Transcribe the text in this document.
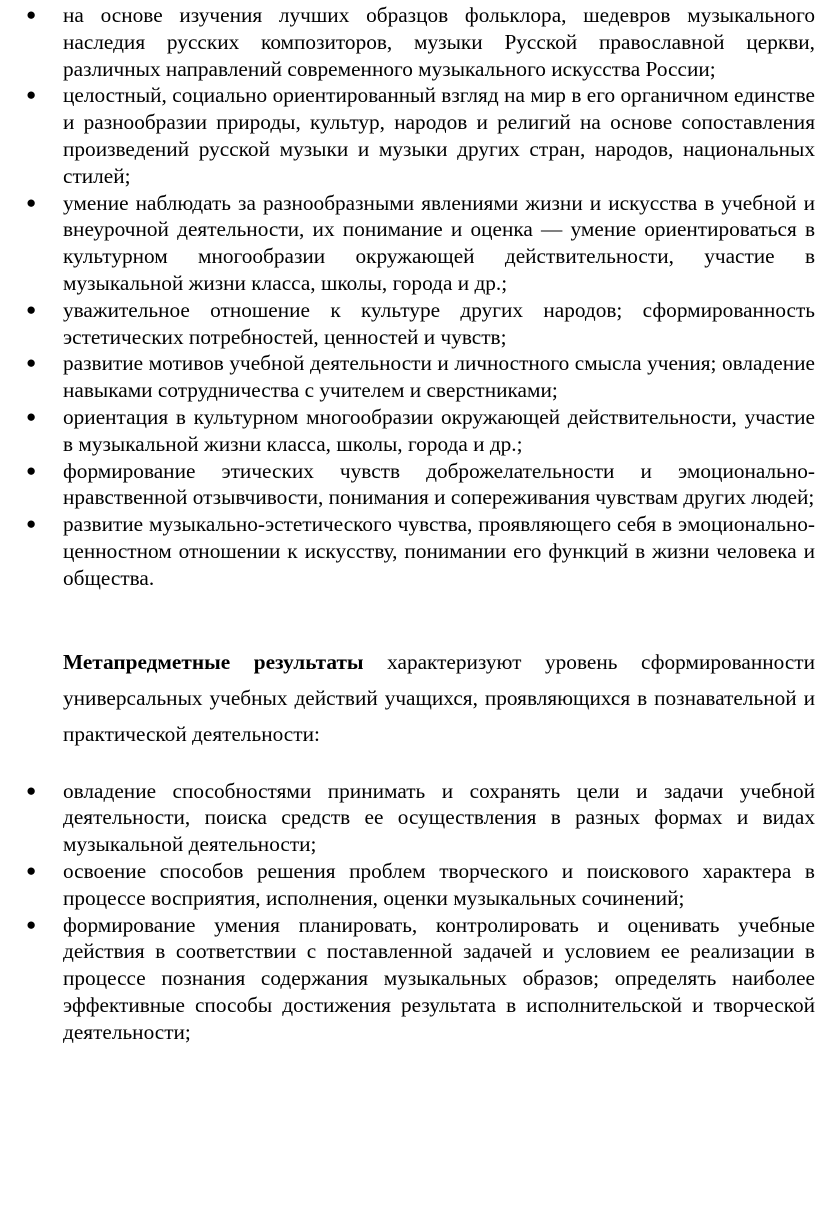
● на основе изучения лучших образцов фольклора, шедевров музыкального наследия русских композиторов, музыки Русской православной церкви, различных направлений современного музыкального искусства России;
● целостный, социально ориентированный взгляд на мир в его органичном единстве и разнообразии природы, культур, народов и религий на основе сопоставления произведений русской музыки и музыки других стран, народов, национальных стилей;
● умение наблюдать за разнообразными явлениями жизни и искусства в учебной и внеурочной деятельности, их понимание и оценка — умение ориентироваться в культурном многообразии окружающей действительности, участие в музыкальной жизни класса, школы, города и др.;
● уважительное отношение к культуре других народов; сформированность эстетических потребностей, ценностей и чувств;
● развитие мотивов учебной деятельности и личностного смысла учения; овладение навыками сотрудничества с учителем и сверстниками;
● ориентация в культурном многообразии окружающей действительности, участие в музыкальной жизни класса, школы, города и др.;
● формирование этических чувств доброжелательности и эмоционально-нравственной отзывчивости, понимания и сопереживания чувствам других людей;
● развитие музыкально-эстетического чувства, проявляющего себя в эмоционально-ценностном отношении к искусству, понимании его функций в жизни человека и общества.

Метапредметные результаты характеризуют уровень сформированности универсальных учебных действий учащихся, проявляющихся в познавательной и практической деятельности:

● овладение способностями принимать и сохранять цели и задачи учебной деятельности, поиска средств ее осуществления в разных формах и видах музыкальной деятельности;
● освоение способов решения проблем творческого и поискового характера в процессе восприятия, исполнения, оценки музыкальных сочинений;
● формирование умения планировать, контролировать и оценивать учебные действия в соответствии с поставленной задачей и условием ее реализации в процессе познания содержания музыкальных образов; определять наиболее эффективные способы достижения результата в исполнительской и творческой деятельности;
